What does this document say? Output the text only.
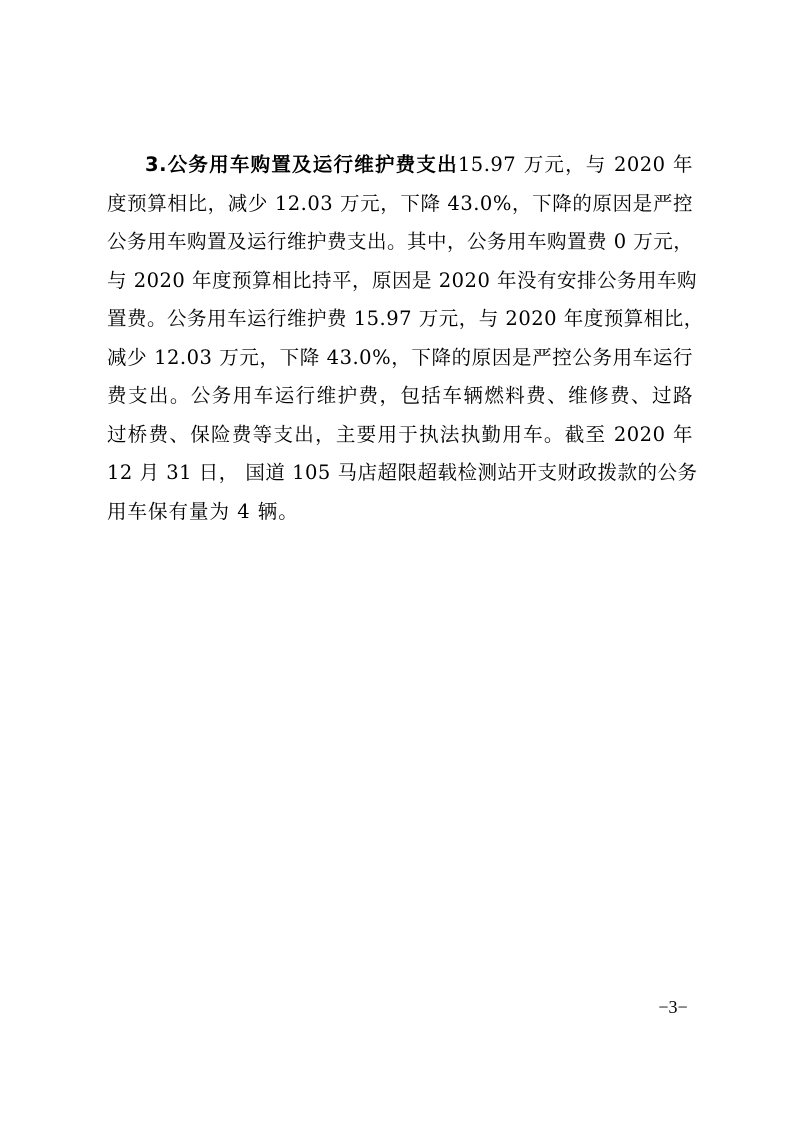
3.公务用车购置及运行维护费支出15.97 万元，与 2020 年
度预算相比，减少 12.03 万元，下降 43.0%，下降的原因是严控
公务用车购置及运行维护费支出。其中，公务用车购置费 0 万元，
与 2020 年度预算相比持平，原因是 2020 年没有安排公务用车购
置费。公务用车运行维护费 15.97 万元，与 2020 年度预算相比，
减少 12.03 万元，下降 43.0%，下降的原因是严控公务用车运行
费支出。公务用车运行维护费，包括车辆燃料费、维修费、过路
过桥费、保险费等支出，主要用于执法执勤用车。截至 2020 年
12 月 31 日， 国道 105 马店超限超载检测站开支财政拨款的公务
用车保有量为 4 辆。
−3−
